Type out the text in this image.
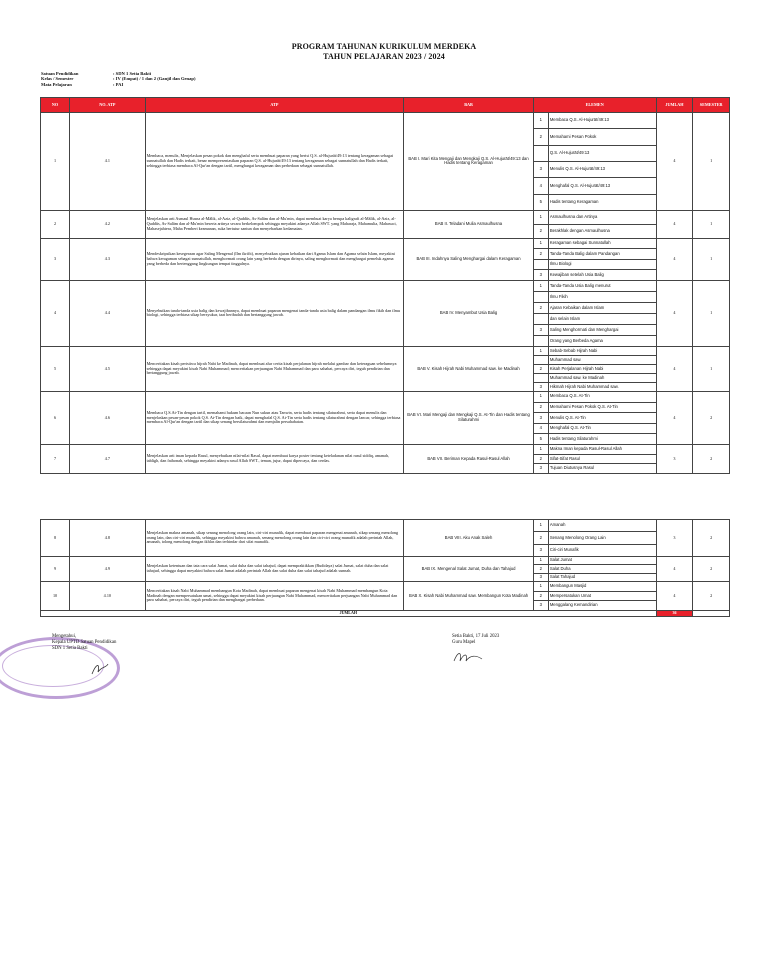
PROGRAM TAHUNAN KURIKULUM MERDEKA
TAHUN PELAJARAN 2023 / 2024
Satuan Pendidikan	: SDN 1 Setia Bakti
Kelas / Semester	: IV (Empat) / 1 dan 2 (Ganjil dan Genap)
Mata Pelajaran	: PAI
NO	NO. ATP	ATP	BAB	ELEMEN		JUMLAH	SEMESTER
1	4.1	Membaca, menulis, Menjelaskan pesan pokok dan menghafal serta membuat paparan yang berisi Q.S. al-Hujurāt/49:13 tentang keragaman sebagai sunnatullah dan Hadis terkait, benar mempresentasikan paparan Q.S. al-Hujurāt/49:13 tentang keragaman sebagai sunnatullah dan Hadis terkait, sehingga terbiasa membaca Al-Qur'an dengan tartil, menghargai keragaman dan perbedaan sebagai sunnatullah.	BAB I. Mari Kita Mengaji dan Mengkaji Q.S. Al-Hujurāt/49:13 dan Hadis tentang Keragaman	1	Membaca Q.S. Al-Hujurāt/49:13	4	1
				2	Memahami Pesan Pokok		
					Q.S. Al-Hujurāt/49:13		
				3	Menulis Q.S. Al-Hujurāt/49:13		
				4	Menghafal Q.S. Al-Hujurāt/49:13		
				5	Hadis tentang Keragaman		
2	4.2	Menjelaskan arti Asmaul Husna al-Mālik, al-Aziz, al-Quddūs, As-Salām dan al-Mu'min, dapat membuat karya berupa kaligrafi al-Mālik, al-Aziz, al-Quddūs, As-Salām dan al-Mu'min beserta artinya secara berkelompok sehingga meyakini adanya Allah SWT. yang Maharaja, Mahamulia, Mahasuci, Mahasejahtera, Maha Pemberi keamanan, suka bertutur santun dan menyebarkan kedamaian.	BAB II. Teladani Mulia Asmaulhusna	1	Asmaulhusna dan Artinya	4	1
				2	Berakhlak dengan Asmaulhusna		
3	4.3	Mendeskripsikan kesegeraan agar Saling Mengenal (Ilm ikrifit), menyebutkan ajaran kebaikan dari Agama Islam dan Agama selain Islam, meyakini bahwa keragaman sebagai sunnatullah, menghormati orang lain yang berbeda dengan dirinya, saling menghormati dan menghargai pemeluk agama yang berbeda dan bertenggang lingkungan tempat tinggalnya.	BAB III. Indahnya Saling Menghargai dalam Keragaman	1	Keragaman sebagai Sunnatullah	4	1
				2	Tanda-Tanda Balig dalam Pandangan		
					Ilmu Biologi		
				3	Kewajiban setelah Usia Balig		
4	4.4	Menyebutkan tanda-tanda usia balig dan kewajibannya, dapat membuat paparan mengenai tanda-tanda usia balig dalam pandangan ilmu fikih dan ilmu biologi, sehingga terbiasa sikap bersyukur, taat beribadah dan bertanggung jawab.	BAB IV. Menyambut Usia Balig	1	Tanda-Tanda Usia Balig menurut	4	1
					Ilmu Fikih		
				2	Ajaran Kebaikan dalam Islam		
					dan selain Islam		
				3	Saling Menghormati dan Menghargai		
					Orang yang Berbeda Agama		
5	4.5	Menceritakan kisah peristiwa hijrah Nabi ke Madinah, dapat membuat alur cerita kisah perjalanan hijrah melalui gambar dan keteraguan sebelumnya sehingga dapat meyakini kisah Nabi Muhammad; menceritakan perjuangan Nabi Muhammad dan para sahabat, percaya diri, teguh pendirian dan bertanggung jawab.	BAB V. Kisah Hijrah Nabi Muhammad saw. ke Madinah	1	Sebab-Sebab Hijrah Nabi	4	1
					Muhammad saw.		
				2	Kisah Perjalanan Hijrah Nabi		
					Muhammad saw. ke Madinah		
				3	Hikmah Hijrah Nabi Muhammad saw.		
6	4.6	Membaca Q.S.At-Tin dengan tartil, memahami hukum bacaan Nun sukun atau Tanwin, serta hadis tentang silaturahmi, serta dapat menulis dan menjelaskan pesan-pesan pokok Q.S. At-Tin dengan baik, dapat menghafal Q.S. At-Tin serta hadis tentang silaturahmi dengan lancar, sehingga terbiasa membaca Al-Qur'an dengan tartil dan sikap senang bersilaturahmi dan menjalin persahabatan.	BAB VI. Mari Mengaji dan Mengkaji Q.S. At-Tin dan Hadis tentang Silaturahmi	1	Membaca Q.S. At-Tin	4	2
				2	Memahami Pesan Pokok Q.S. At-Tin		
				3	Menulis Q.S. At-Tin		
				4	Menghafal Q.S. At-Tin		
				5	Hadis tentang Silaturahmi		
7	4.7	Menjelaskan arti iman kepada Rasul, menyebutkan nilai-nilai Rasul, dapat membuat karya poster tentang keteladanan nilai rasul siddiq, amanah, tabligh, dan fathonah, sehingga meyakini adanya rasul Allah SWT., teman, jujur, dapat dipercaya, dan cerdas.	BAB VII. Beriman Kepada Rasul-Rasul Allah	1	Makna Iman kepada Rasul-Rasul Allah	3	2
				2	Sifat-Sifat Rasul		
				3	Tujuan Diutusnya Rasul		
8	4.8	Menjelaskan makna amanah, sikap senang menolong orang lain, ciri-ciri munafik, dapat membuat paparan mengenai amanah, sikap senang menolong orang lain, dan ciri-ciri munafik, sehingga meyakini bahwa amanah, senang menolong orang lain dan ciri-ciri orang munafik adalah perintah Allah, amanah, tolong menolong dengan ikhlas dan terhindar dari sifat munafik.	BAB VIII. Aku Anak Saleh	1	Amanah	3	2
				2	Senang Menolong Orang Lain		
				3	Ciri-ciri Munafik		
9	4.9	Menjelaskan ketentuan dan tata cara salat Jumat, salat duha dan salat tahajud, dapat mempraktikkan (Budidaya) salat Jumat, salat duha dan salat tahajud, sehingga dapat meyakini bahwa salat Jumat adalah perintah Allah dan salat duha dan salat tahajud adalah sunnah.	BAB IX. Mengenal Salat Jumat, Duha dan Tahajud	1	Salat Jumat	4	2
				2	Salat Duha		
				3	Salat Tahajud		
10	4.10	Menceritakan kisah Nabi Muhammad membangun Kota Madinah, dapat membuat paparan mengenai kisah Nabi Muhammad membangun Kota Madinah dengan mempersatukan umat, sehingga dapat meyakini kisah perjuangan Nabi Muhammad, menceritakan perjuangan Nabi Muhammad dan para sahabat, percaya diri, teguh pendirian dan menghargai perbedaan.	BAB X. Kisah Nabi Muhammad saw. Membangun Kota Madinah	1	Membangun Masjid	4	2
				2	Mempersatukan Umat		
				3	Menggalang Kemandirian		
JUMLAH						36	
Mengetahui,
Kepala UPTD Satuan Pendidikan
SDN 1 Setia Bakti
Setia Bakti, 17 Juli 2023
Guru Mapel
